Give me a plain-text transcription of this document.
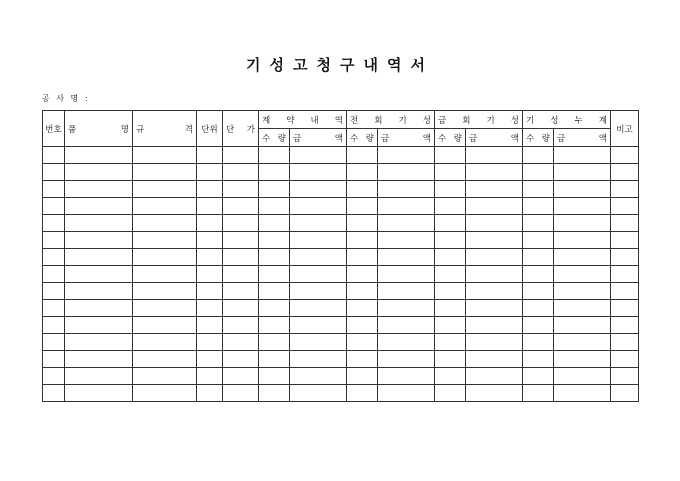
기성고청구내역서
공 사 명 :
번호	품 명	규 격	단위	단 가	계 약 내 역		전 회 기 성		금 회 기 성		기 성 누 계		비고

					수 량	금 액	수 량	금 액	수 량	금 액	수 량	금 액	
